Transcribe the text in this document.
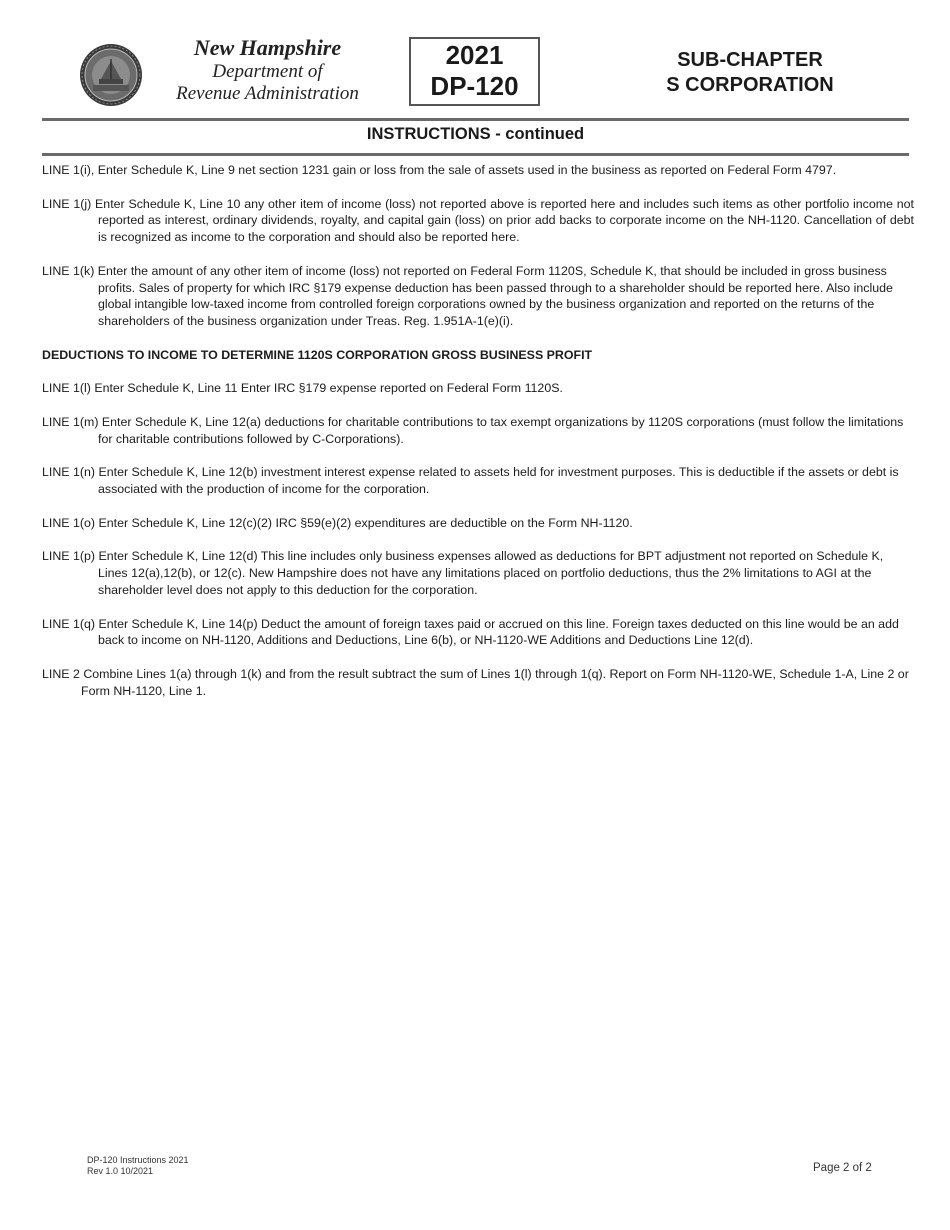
New Hampshire
Department of
Revenue Administration
2021
DP-120
SUB-CHAPTER
S CORPORATION
INSTRUCTIONS - continued

LINE 1(i), Enter Schedule K, Line 9 net section 1231 gain or loss from the sale of assets used in the business as reported on Federal Form 4797.

LINE 1(j) Enter Schedule K, Line 10 any other item of income (loss) not reported above is reported here and includes such items as other portfolio income not reported as interest, ordinary dividends, royalty, and capital gain (loss) on prior add backs to corporate income on the NH-1120. Cancellation of debt is recognized as income to the corporation and should also be reported here.

LINE 1(k) Enter the amount of any other item of income (loss) not reported on Federal Form 1120S, Schedule K, that should be included in gross business profits. Sales of property for which IRC §179 expense deduction has been passed through to a shareholder should be reported here. Also include global intangible low-taxed income from controlled foreign corporations owned by the business organization and reported on the returns of the shareholders of the business organization under Treas. Reg. 1.951A-1(e)(i).

DEDUCTIONS TO INCOME TO DETERMINE 1120S CORPORATION GROSS BUSINESS PROFIT

LINE 1(l) Enter Schedule K, Line 11 Enter IRC §179 expense reported on Federal Form 1120S.

LINE 1(m) Enter Schedule K, Line 12(a) deductions for charitable contributions to tax exempt organizations by 1120S corporations (must follow the limitations for charitable contributions followed by C-Corporations).

LINE 1(n) Enter Schedule K, Line 12(b) investment interest expense related to assets held for investment purposes. This is deductible if the assets or debt is associated with the production of income for the corporation.

LINE 1(o) Enter Schedule K, Line 12(c)(2) IRC §59(e)(2) expenditures are deductible on the Form NH-1120.

LINE 1(p) Enter Schedule K, Line 12(d) This line includes only business expenses allowed as deductions for BPT adjustment not reported on Schedule K, Lines 12(a),12(b), or 12(c). New Hampshire does not have any limitations placed on portfolio deductions, thus the 2% limitations to AGI at the shareholder level does not apply to this deduction for the corporation.

LINE 1(q) Enter Schedule K, Line 14(p) Deduct the amount of foreign taxes paid or accrued on this line. Foreign taxes deducted on this line would be an add back to income on NH-1120, Additions and Deductions, Line 6(b), or NH-1120-WE Additions and Deductions Line 12(d).

LINE 2 Combine Lines 1(a) through 1(k) and from the result subtract the sum of Lines 1(l) through 1(q). Report on Form NH-1120-WE, Schedule 1-A, Line 2 or Form NH-1120, Line 1.

DP-120 Instructions 2021
Rev 1.0 10/2021	Page 2 of 2
